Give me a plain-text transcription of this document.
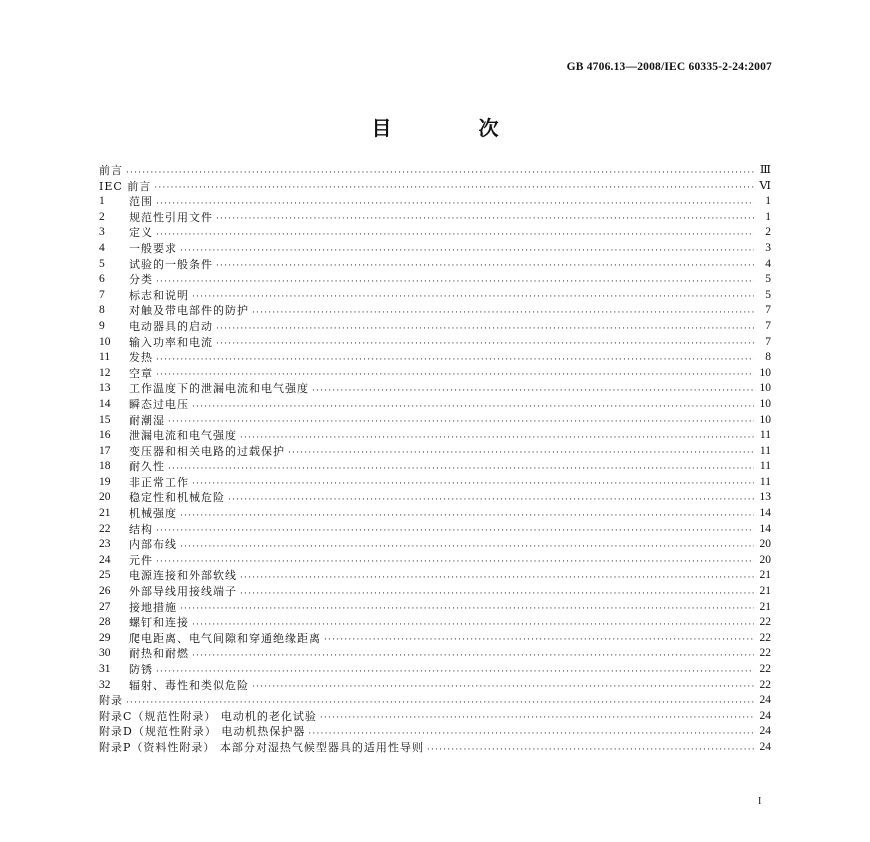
GB 4706.13—2008/IEC 60335-2-24:2007
目 次
前言 ·····	Ⅲ
IEC 前言 ·····	Ⅵ
1	范围 ·····	1
2	规范性引用文件 ·····	1
3	定义 ·····	2
4	一般要求 ·····	3
5	试验的一般条件 ·····	4
6	分类 ·····	5
7	标志和说明 ·····	5
8	对触及带电部件的防护 ·····	7
9	电动器具的启动 ·····	7
10	输入功率和电流 ·····	7
11	发热 ·····	8
12	空章 ·····	10
13	工作温度下的泄漏电流和电气强度 ·····	10
14	瞬态过电压 ·····	10
15	耐潮湿 ·····	10
16	泄漏电流和电气强度 ·····	11
17	变压器和相关电路的过载保护 ·····	11
18	耐久性 ·····	11
19	非正常工作 ·····	11
20	稳定性和机械危险 ·····	13
21	机械强度 ·····	14
22	结构 ·····	14
23	内部布线 ·····	20
24	元件 ·····	20
25	电源连接和外部软线 ·····	21
26	外部导线用接线端子 ·····	21
27	接地措施 ·····	21
28	螺钉和连接 ·····	22
29	爬电距离、电气间隙和穿通绝缘距离 ·····	22
30	耐热和耐燃 ·····	22
31	防锈 ·····	22
32	辐射、毒性和类似危险 ·····	22
附录 ·····	24
附录C（规范性附录） 电动机的老化试验 ·····	24
附录D（规范性附录） 电动机热保护器 ·····	24
附录P（资料性附录） 本部分对湿热气候型器具的适用性导则 ·····	24
I
